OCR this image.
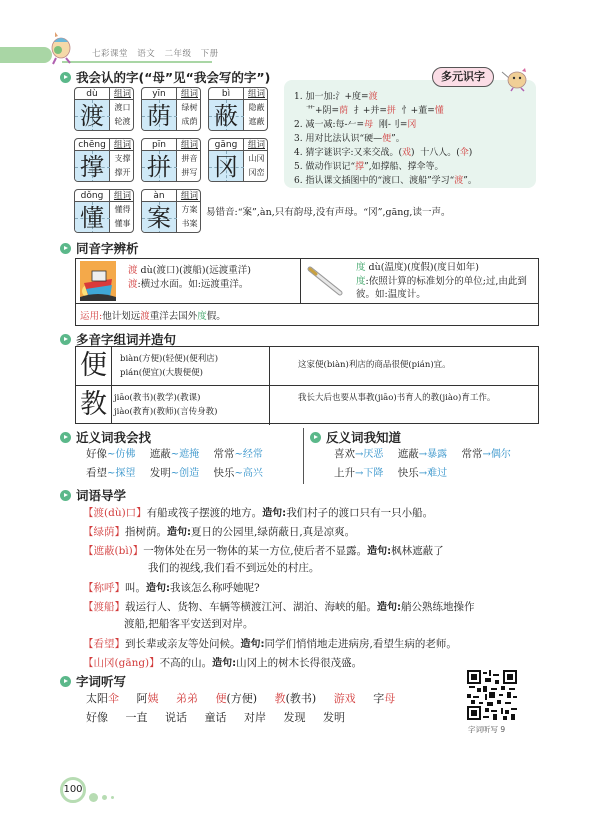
七彩课堂 语文 二年级 下册
我会认的字(“母”见“我会写的字”)
dù	组词
渡	渡口
轮渡
yīn	组词
荫	绿树
成荫
bì	组词
蔽	隐蔽
遮蔽
chēng 组词
撑	支撑
撑开
pīn	组词
拼	拼音
拼写
gāng	组词
冈	山冈
冈峦
dǒng	组词
懂	懂得
懂事
àn	组词
案	方案
书案
易错音:“案”,àn,只有韵母,没有声母。“冈”,gāng,读一声。
多元识字
1. 加一加:氵+度=渡
艹+阴=荫  扌+并=拼  忄+董=懂
2. 减一减:每-𠂉=母  刚-刂=冈
3. 用对比法认识“硬—便”。
4. 猜字谜识字:又来交战。(戏)  十八人。(伞)
5. 做动作识记“撑”,如撑船、撑伞等。
6. 指认课文插图中的“渡口、渡船”学习“渡”。
同音字辨析
渡 dù(渡口)(渡船)(远渡重洋)
渡:横过水面。如:远渡重洋。
度 dù(温度)(度假)(度日如年)
度:依照计算的标准划分的单位;过,由此到彼。如:温度计。
运用:他计划远渡重洋去国外度假。
多音字组词并造句
便	biàn(方便)(轻便)(便利店)
pián(便宜)(大腹便便)
这家便(biàn)利店的商品很便(pián)宜。
教 jiāo(教书)(教学)(教课)
jiào(教育)(教师)(言传身教)
我长大后也要从事教(jiāo)书育人的教(jiào)育工作。
近义词我会找
好像~仿佛 遮蔽~遮掩 常常~经常
看望~探望 发明~创造 快乐~高兴
反义词我知道
喜欢→厌恶 遮蔽→暴露 常常→偶尔
上升→下降 快乐→难过
词语导学
【渡(dù)口】有船或筏子摆渡的地方。造句:我们村子的渡口只有一只小船。
【绿荫】指树荫。造句:夏日的公园里,绿荫蔽日,真是凉爽。
【遮蔽(bì)】一物体处在另一物体的某一方位,使后者不显露。造句:枫林遮蔽了
我们的视线,我们看不到远处的村庄。
【称呼】叫。造句:我该怎么称呼她呢?
【渡船】载运行人、货物、车辆等横渡江河、湖泊、海峡的船。造句:艄公熟练地操作
渡船,把船客平安送到对岸。
【看望】到长辈或亲友等处问候。造句:同学们悄悄地走进病房,看望生病的老师。
【山冈(gāng)】不高的山。造句:山冈上的树木长得很茂盛。
字词听写
太阳伞 阿姨 弟弟 便(方便) 教(教书) 游戏 字母
好像 一直 说话 童话 对岸 发现 发明
字词听写 9
100
